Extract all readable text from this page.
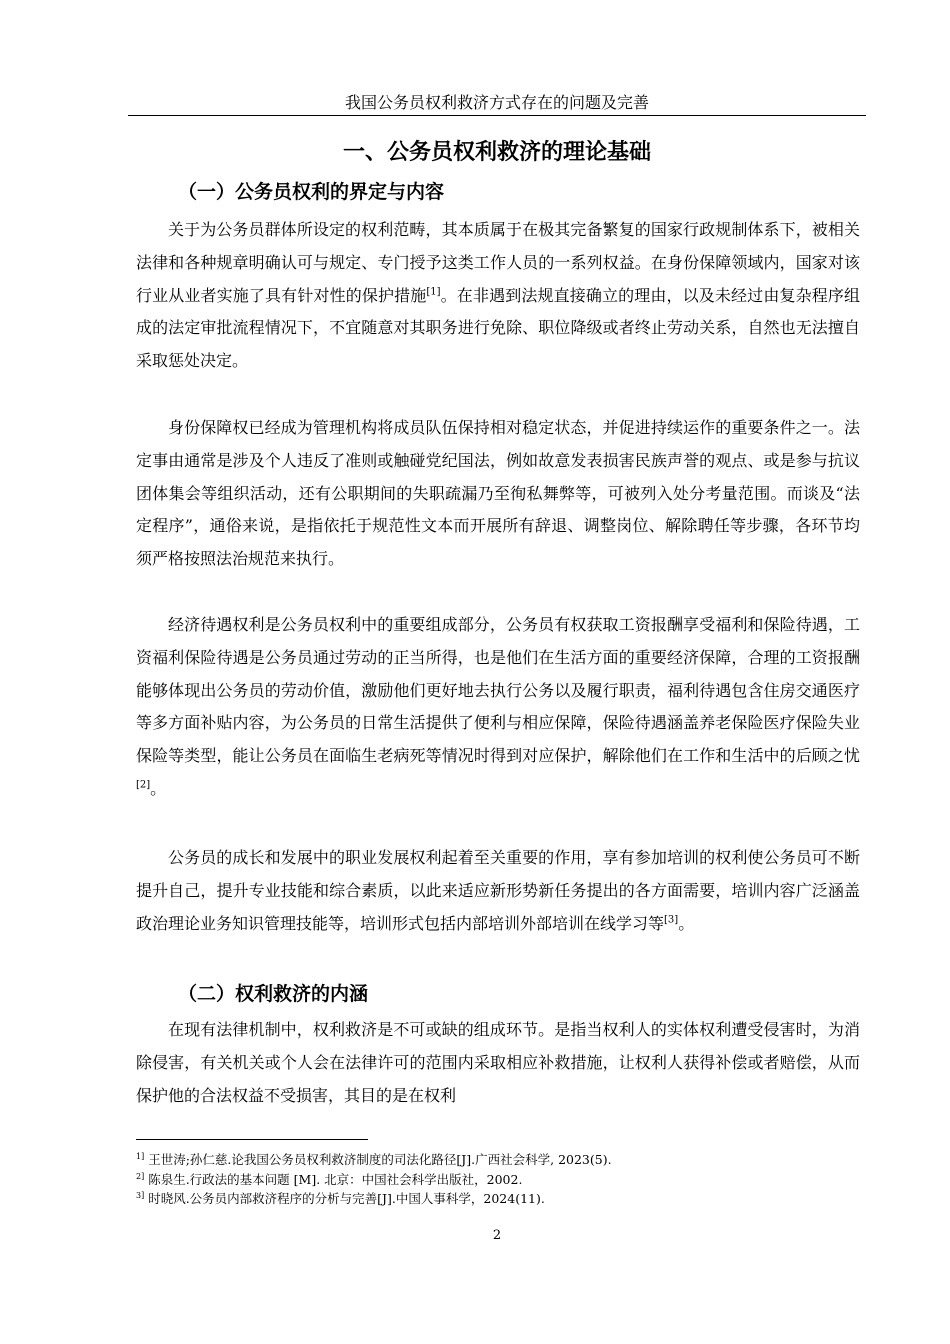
我国公务员权利救济方式存在的问题及完善
一、公务员权利救济的理论基础
（一）公务员权利的界定与内容

关于为公务员群体所设定的权利范畴，其本质属于在极其完备繁复的国家行政规制体系下，被相关法律和各种规章明确认可与规定、专门授予这类工作人员的一系列权益。在身份保障领域内，国家对该行业从业者实施了具有针对性的保护措施[1]。在非遇到法规直接确立的理由，以及未经过由复杂程序组成的法定审批流程情况下，不宜随意对其职务进行免除、职位降级或者终止劳动关系，自然也无法擅自采取惩处决定。

身份保障权已经成为管理机构将成员队伍保持相对稳定状态，并促进持续运作的重要条件之一。法定事由通常是涉及个人违反了准则或触碰党纪国法，例如故意发表损害民族声誉的观点、或是参与抗议团体集会等组织活动，还有公职期间的失职疏漏乃至徇私舞弊等，可被列入处分考量范围。而谈及“法定程序”，通俗来说，是指依托于规范性文本而开展所有辞退、调整岗位、解除聘任等步骤，各环节均须严格按照法治规范来执行。

经济待遇权利是公务员权利中的重要组成部分，公务员有权获取工资报酬享受福利和保险待遇，工资福利保险待遇是公务员通过劳动的正当所得，也是他们在生活方面的重要经济保障，合理的工资报酬能够体现出公务员的劳动价值，激励他们更好地去执行公务以及履行职责，福利待遇包含住房交通医疗等多方面补贴内容，为公务员的日常生活提供了便利与相应保障，保险待遇涵盖养老保险医疗保险失业保险等类型，能让公务员在面临生老病死等情况时得到对应保护，解除他们在工作和生活中的后顾之忧[2]。

公务员的成长和发展中的职业发展权利起着至关重要的作用，享有参加培训的权利使公务员可不断提升自己，提升专业技能和综合素质，以此来适应新形势新任务提出的各方面需要，培训内容广泛涵盖政治理论业务知识管理技能等，培训形式包括内部培训外部培训在线学习等[3]。

（二）权利救济的内涵

在现有法律机制中，权利救济是不可或缺的组成环节。是指当权利人的实体权利遭受侵害时，为消除侵害，有关机关或个人会在法律许可的范围内采取相应补救措施，让权利人获得补偿或者赔偿，从而保护他的合法权益不受损害，其目的是在权利

$^{1]}$ 王世涛;孙仁慈.论我国公务员权利救济制度的司法化路径[J].广西社会科学, 2023(5).
$^{2]}$ 陈泉生.行政法的基本问题 [M]. 北京：中国社会科学出版社，2002.
$^{3]}$ 时晓风.公务员内部救济程序的分析与完善[J].中国人事科学，2024(11).
2
